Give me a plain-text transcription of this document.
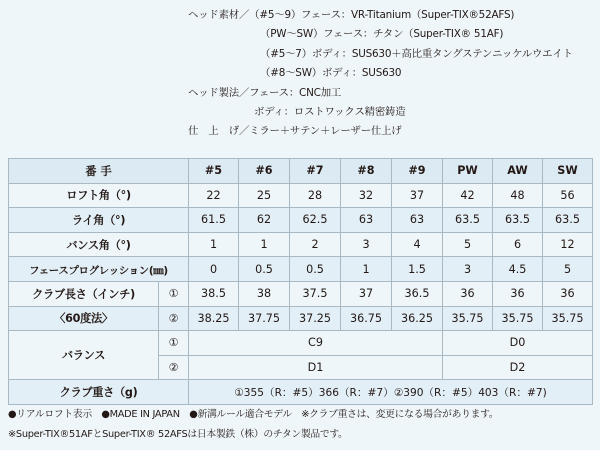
ヘッド素材／（#5〜9）フェース：VR-Titanium（Super-TIX®52AFS)
（PW〜SW）フェース：チタン（Super-TIX® 51AF)
（#5〜7）ボディ：SUS630＋高比重タングステンニッケルウエイト
（#8〜SW）ボディ：SUS630
ヘッド製法／フェース：CNC加工
ボディ：ロストワックス精密鋳造
仕　上　げ／ミラー＋サテン＋レーザー仕上げ
番 手		#5	#6	#7	#8	#9	PW	AW	SW
ロフト角（°)		22	25	28	32	37	42	48	56
ライ角（°)		61.5	62	62.5	63	63	63.5	63.5	63.5
バンス角（°)		1	1	2	3	4	5	6	12
フェースプログレッション(㎜)		0	0.5	0.5	1	1.5	3	4.5	5
クラブ長さ（インチ)	①	38.5	38	37.5	37	36.5	36	36	36
〈60度法〉	②	38.25	37.75	37.25	36.75	36.25	35.75	35.75	35.75
バランス	①	C9					D0		
	②	D1					D2		
クラブ重さ（g)		①355（R：#5）366（R：#7）②390（R：#5）403（R：#7)							
●リアルロフト表示　●MADE IN JAPAN　●新溝ルール適合モデル　※クラブ重さは、変更になる場合があります。
※Super-TIX®51AFとSuper-TIX® 52AFSは日本製鉄（株）のチタン製品です。
